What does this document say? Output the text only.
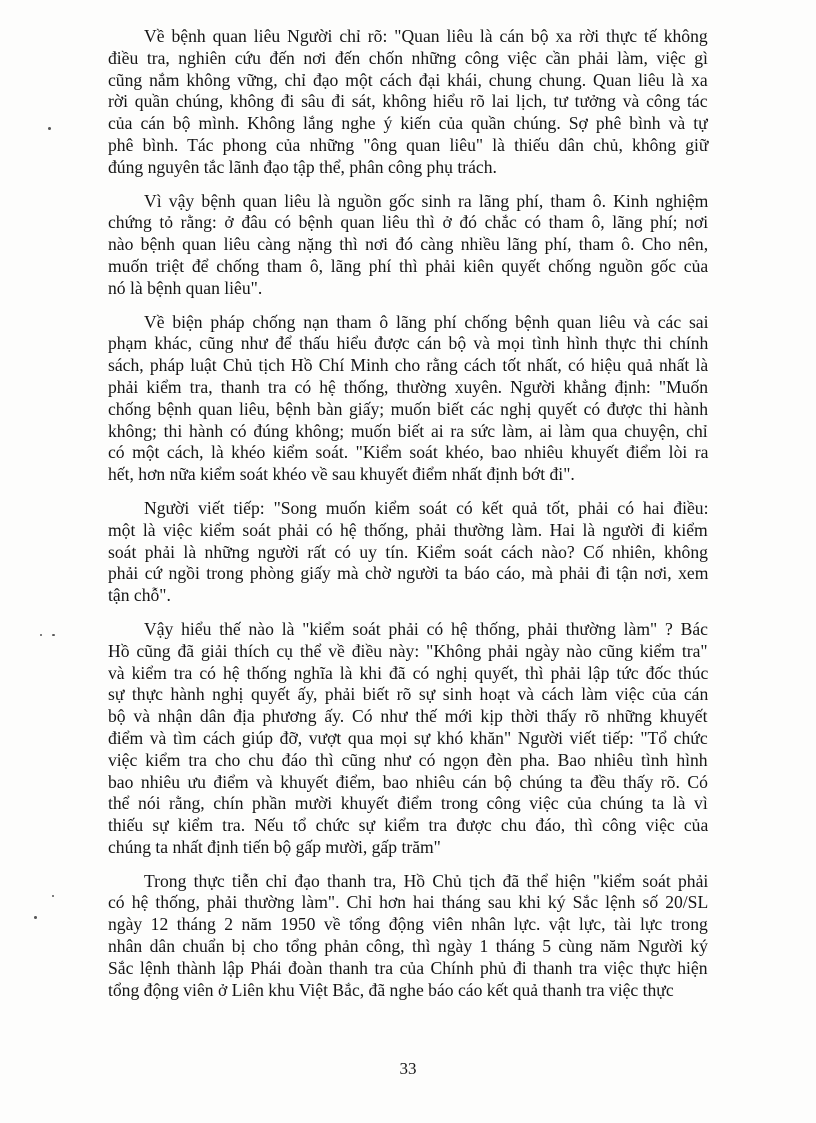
Về bệnh quan liêu Người chỉ rõ: "Quan liêu là cán bộ xa rời thực tế không
điều tra, nghiên cứu đến nơi đến chốn những công việc cần phải làm, việc gì
cũng nắm không vững, chỉ đạo một cách đại khái, chung chung. Quan liêu là xa
rời quần chúng, không đi sâu đi sát, không hiểu rõ lai lịch, tư tưởng và công tác
của cán bộ mình. Không lắng nghe ý kiến của quần chúng. Sợ phê bình và tự
phê bình. Tác phong của những "ông quan liêu" là thiếu dân chủ, không giữ
đúng nguyên tắc lãnh đạo tập thể, phân công phụ trách.

Vì vậy bệnh quan liêu là nguồn gốc sinh ra lãng phí, tham ô. Kinh nghiệm
chứng tỏ rằng: ở đâu có bệnh quan liêu thì ở đó chắc có tham ô, lãng phí; nơi
nào bệnh quan liêu càng nặng thì nơi đó càng nhiều lãng phí, tham ô. Cho nên,
muốn triệt để chống tham ô, lãng phí thì phải kiên quyết chống nguồn gốc của
nó là bệnh quan liêu".

Về biện pháp chống nạn tham ô lãng phí chống bệnh quan liêu và các sai
phạm khác, cũng như để thấu hiểu được cán bộ và mọi tình hình thực thi chính
sách, pháp luật Chủ tịch Hồ Chí Minh cho rằng cách tốt nhất, có hiệu quả nhất là
phải kiểm tra, thanh tra có hệ thống, thường xuyên. Người khẳng định: "Muốn
chống bệnh quan liêu, bệnh bàn giấy; muốn biết các nghị quyết có được thi hành
không; thi hành có đúng không; muốn biết ai ra sức làm, ai làm qua chuyện, chỉ
có một cách, là khéo kiểm soát. "Kiểm soát khéo, bao nhiêu khuyết điểm lòi ra
hết, hơn nữa kiểm soát khéo về sau khuyết điểm nhất định bớt đi".

Người viết tiếp: "Song muốn kiểm soát có kết quả tốt, phải có hai điều:
một là việc kiểm soát phải có hệ thống, phải thường làm. Hai là người đi kiểm
soát phải là những người rất có uy tín. Kiểm soát cách nào? Cố nhiên, không
phải cứ ngồi trong phòng giấy mà chờ người ta báo cáo, mà phải đi tận nơi, xem
tận chỗ".

Vậy hiểu thế nào là "kiểm soát phải có hệ thống, phải thường làm" ? Bác
Hồ cũng đã giải thích cụ thể về điều này: "Không phải ngày nào cũng kiểm tra"
và kiểm tra có hệ thống nghĩa là khi đã có nghị quyết, thì phải lập tức đốc thúc
sự thực hành nghị quyết ấy, phải biết rõ sự sinh hoạt và cách làm việc của cán
bộ và nhận dân địa phương ấy. Có như thế mới kịp thời thấy rõ những khuyết
điểm và tìm cách giúp đỡ, vượt qua mọi sự khó khăn" Người viết tiếp: "Tổ chức
việc kiểm tra cho chu đáo thì cũng như có ngọn đèn pha. Bao nhiêu tình hình
bao nhiêu ưu điểm và khuyết điểm, bao nhiêu cán bộ chúng ta đều thấy rõ. Có
thể nói rằng, chín phần mười khuyết điểm trong công việc của chúng ta là vì
thiếu sự kiểm tra. Nếu tổ chức sự kiểm tra được chu đáo, thì công việc của
chúng ta nhất định tiến bộ gấp mười, gấp trăm"

Trong thực tiễn chỉ đạo thanh tra, Hồ Chủ tịch đã thể hiện "kiểm soát phải
có hệ thống, phải thường làm". Chỉ hơn hai tháng sau khi ký Sắc lệnh số 20/SL
ngày 12 tháng 2 năm 1950 về tổng động viên nhân lực. vật lực, tài lực trong
nhân dân chuẩn bị cho tổng phản công, thì ngày 1 tháng 5 cùng năm Người ký
Sắc lệnh thành lập Phái đoàn thanh tra của Chính phủ đi thanh tra việc thực hiện
tổng động viên ở Liên khu Việt Bắc, đã nghe báo cáo kết quả thanh tra việc thực

33
